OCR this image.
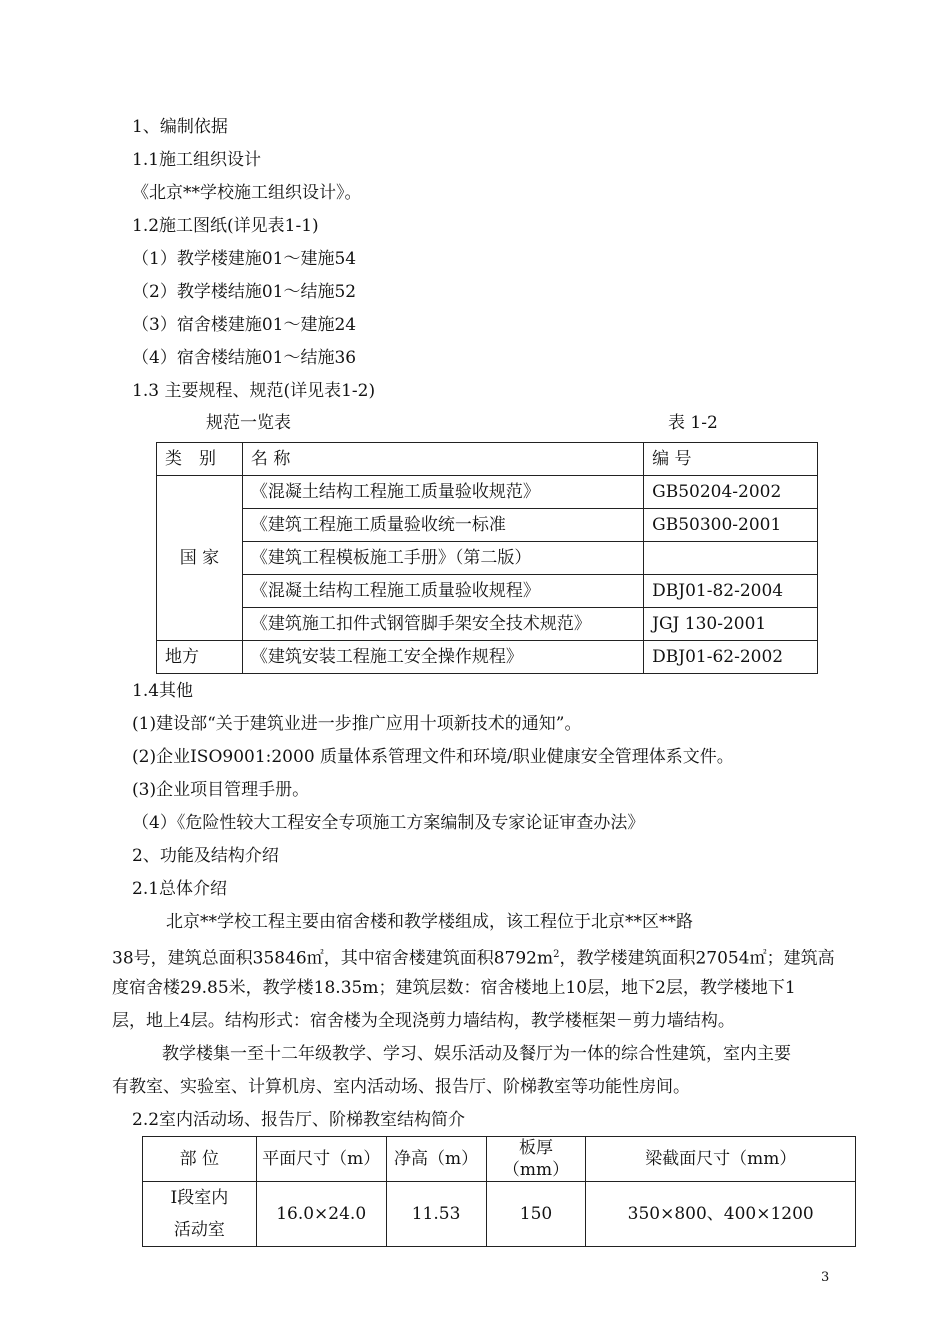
1、编制依据
1.1施工组织设计
《北京**学校施工组织设计》。
1.2施工图纸(详见表1-1)
（1）教学楼建施01～建施54
（2）教学楼结施01～结施52
（3）宿舍楼建施01～建施24
（4）宿舍楼结施01～结施36
1.3 主要规程、规范(详见表1-2)
规范一览表	表 1-2
类　别	名 称	编 号
国 家	《混凝土结构工程施工质量验收规范》	GB50204-2002
	《建筑工程施工质量验收统一标准	GB50300-2001
	《建筑工程模板施工手册》（第二版）	
	《混凝土结构工程施工质量验收规程》	DBJ01-82-2004
	《建筑施工扣件式钢管脚手架安全技术规范》	JGJ 130-2001
地方	《建筑安装工程施工安全操作规程》	DBJ01-62-2002
1.4其他
(1)建设部“关于建筑业进一步推广应用十项新技术的通知”。
(2)企业ISO9001:2000 质量体系管理文件和环境/职业健康安全管理体系文件。
(3)企业项目管理手册。
（4）《危险性较大工程安全专项施工方案编制及专家论证审查办法》
2、功能及结构介绍
2.1总体介绍
北京**学校工程主要由宿舍楼和教学楼组成，该工程位于北京**区**路
38号，建筑总面积35846㎡，其中宿舍楼建筑面积$8792m^2$，教学楼建筑面积27054㎡；建筑高
度宿舍楼29.85米，教学楼18.35m；建筑层数：宿舍楼地上10层，地下2层，教学楼地下1
层，地上4层。结构形式：宿舍楼为全现浇剪力墙结构，教学楼框架－剪力墙结构。
教学楼集一至十二年级教学、学习、娱乐活动及餐厅为一体的综合性建筑，室内主要
有教室、实验室、计算机房、室内活动场、报告厅、阶梯教室等功能性房间。
2.2室内活动场、报告厅、阶梯教室结构简介
部 位	平面尺寸（m）	净高（m）	板厚（mm）	梁截面尺寸（mm）
Ⅰ段室内
活动室	16.0×24.0	11.53	150	350×800、400×1200
3
